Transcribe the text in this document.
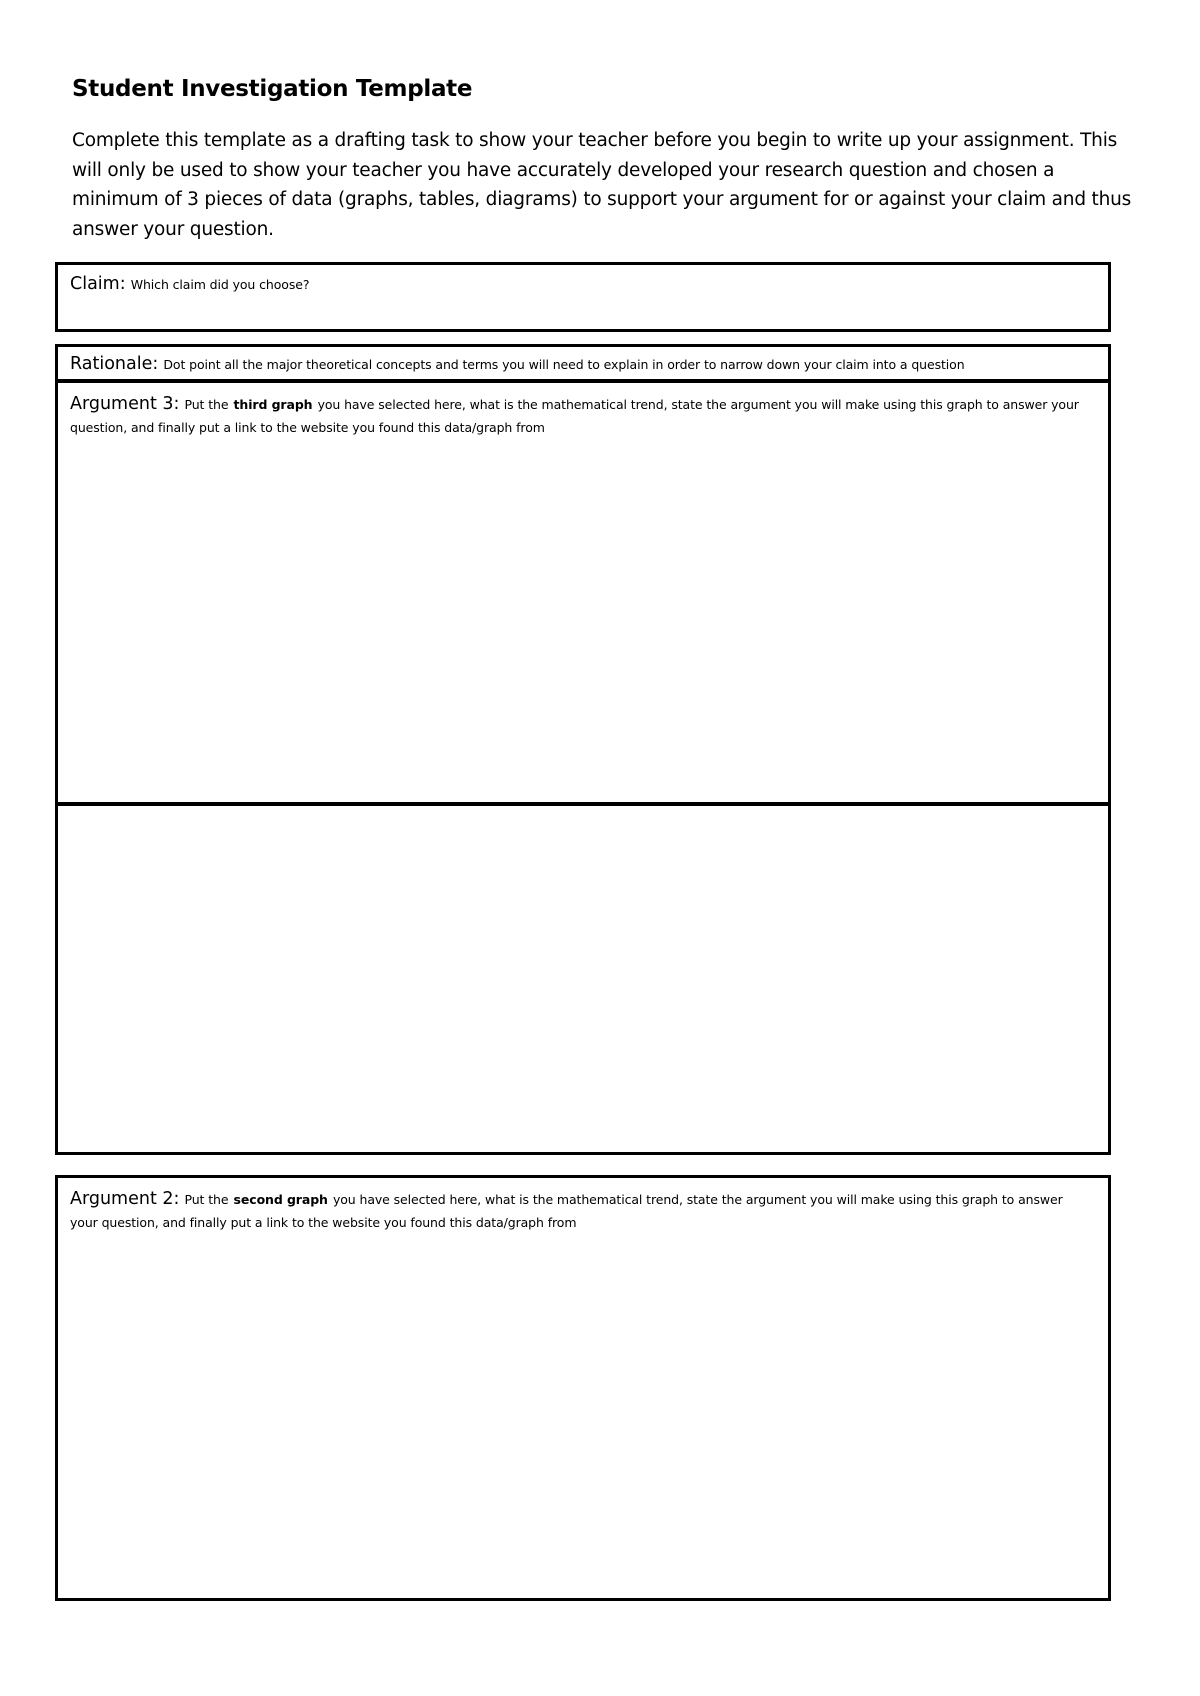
Student Investigation Template
Complete this template as a drafting task to show your teacher before you begin to write up your assignment. This will only be used to show your teacher you have accurately developed your research question and chosen a minimum of 3 pieces of data (graphs, tables, diagrams) to support your argument for or against your claim and thus answer your question.
Claim: Which claim did you choose?
Rationale: Dot point all the major theoretical concepts and terms you will need to explain in order to narrow down your claim into a question
Argument 3: Put the third graph you have selected here, what is the mathematical trend, state the argument you will make using this graph to answer your question, and finally put a link to the website you found this data/graph from
Argument 2: Put the second graph you have selected here, what is the mathematical trend, state the argument you will make using this graph to answer your question, and finally put a link to the website you found this data/graph from
